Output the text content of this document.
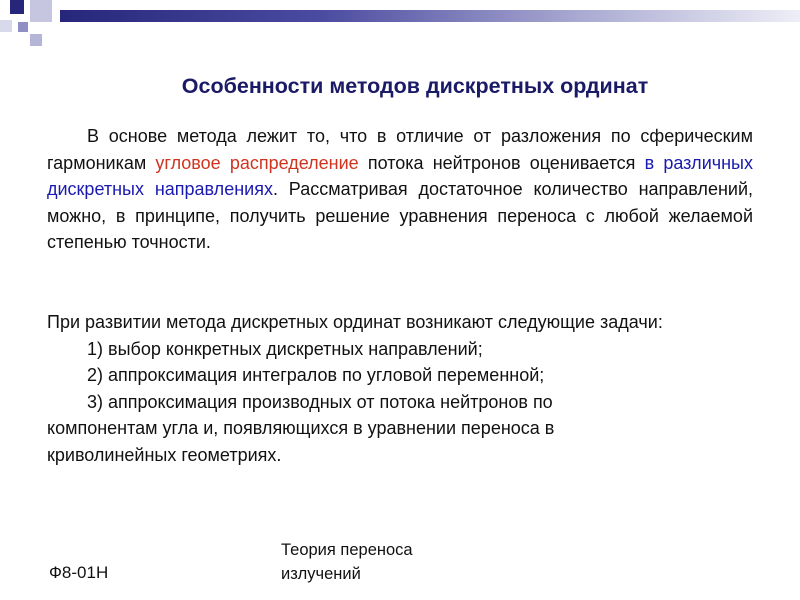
Особенности методов дискретных ординат
В основе метода лежит то, что в отличие от разложения по сферическим гармоникам угловое распределение потока нейтронов оценивается в различных дискретных направлениях. Рассматривая достаточное количество направлений, можно, в принципе, получить решение уравнения переноса с любой желаемой степенью точности.
При развитии метода дискретных ординат возникают следующие задачи:
1) выбор конкретных дискретных направлений;
2) аппроксимация интегралов по угловой переменной;
3) аппроксимация производных от потока нейтронов по
компонентам угла и, появляющихся в уравнении переноса в
криволинейных геометриях.
Ф8-01Н
Теория переноса
излучений
